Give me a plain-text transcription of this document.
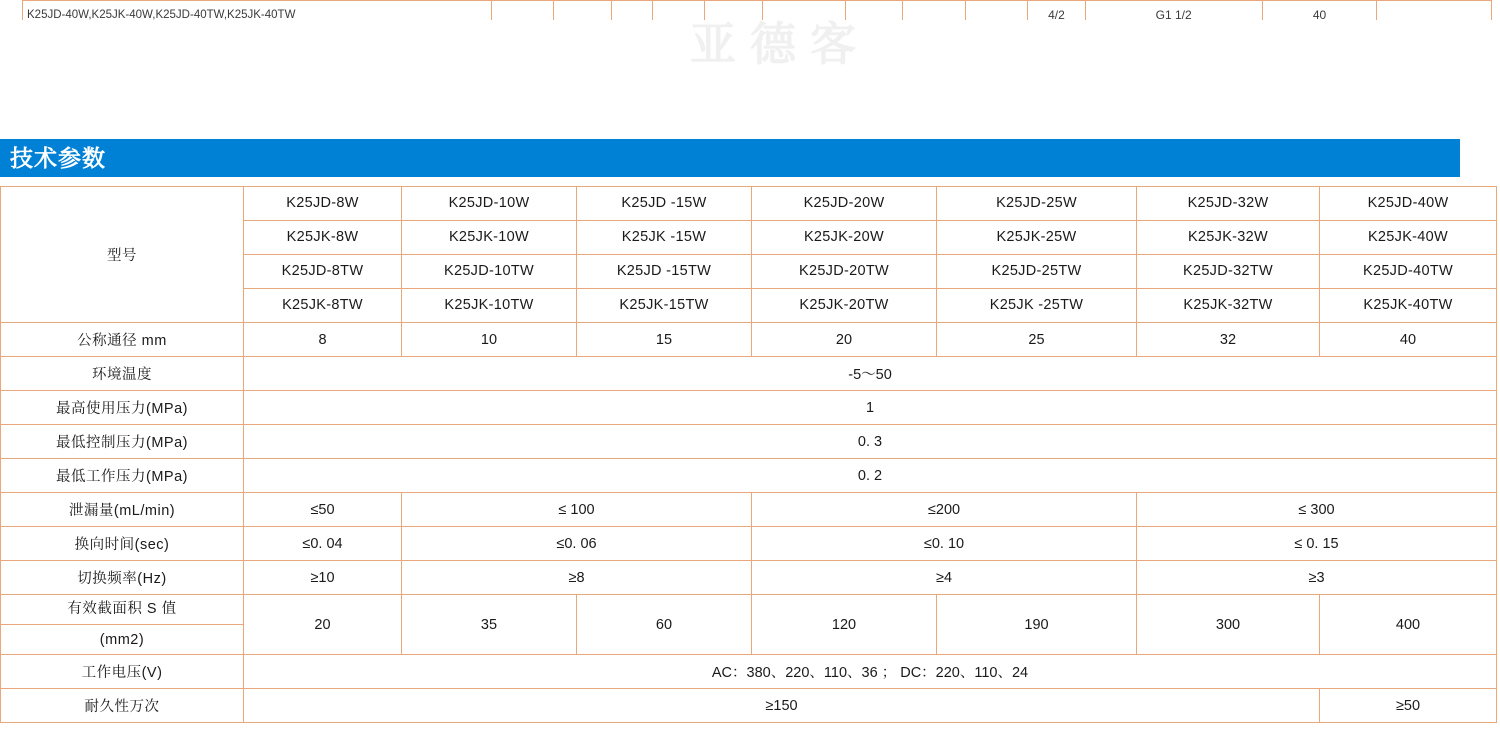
K25JD-40W,K25JK-40W,K25JD-40TW,K25JK-40TW										4/2	G1 1/2	40	
亚德客
技术参数
型号	K25JD-8W	K25JD-10W	K25JD -15W	K25JD-20W	K25JD-25W	K25JD-32W	K25JD-40W
	K25JK-8W	K25JK-10W	K25JK -15W	K25JK-20W	K25JK-25W	K25JK-32W	K25JK-40W
	K25JD-8TW	K25JD-10TW	K25JD -15TW	K25JD-20TW	K25JD-25TW	K25JD-32TW	K25JD-40TW
	K25JK-8TW	K25JK-10TW	K25JK-15TW	K25JK-20TW	K25JK -25TW	K25JK-32TW	K25JK-40TW
公称通径 mm	8	10	15	20	25	32	40
环境温度	-5～50						
最高使用压力(MPa)	1						
最低控制压力(MPa)	0. 3						
最低工作压力(MPa)	0. 2						
泄漏量(mL/min)	≤50	≤ 100		≤200		≤ 300	
换向时间(sec)	≤0. 04	≤0. 06		≤0. 10		≤ 0. 15	
切换频率(Hz)	≥10	≥8		≥4		≥3	
有效截面积 S 值	20	35	60	120	190	300	400
(mm2)							
工作电压(V)	AC：380、220、110、36 ； DC：220、110、24						
耐久性万次	≥150						≥50
